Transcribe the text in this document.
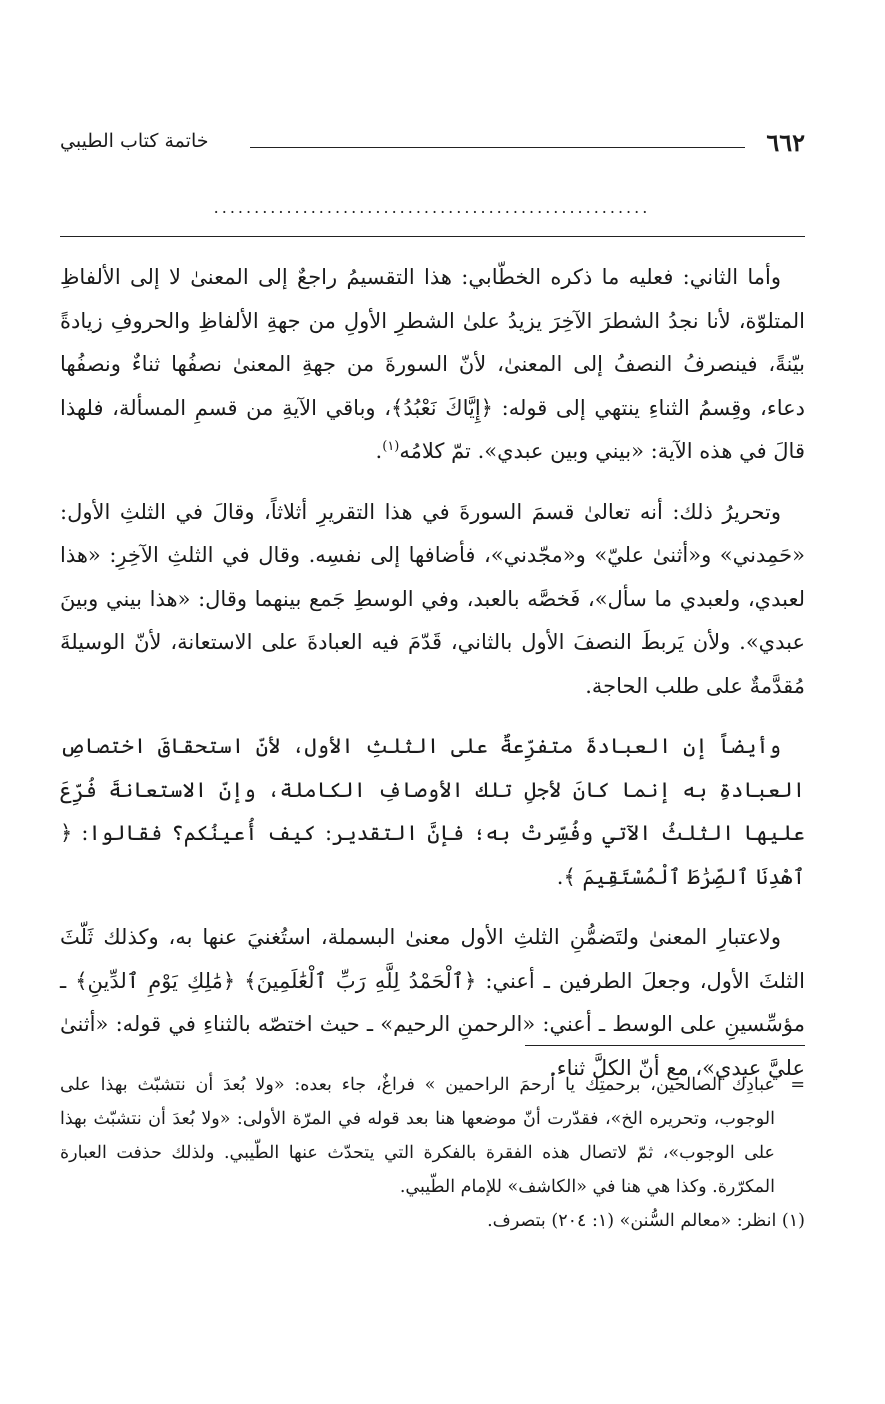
٦٦٢
خاتمة كتاب الطيبي
......................................................

وأما الثاني: فعليه ما ذكره الخطّابي: هذا التقسيمُ راجعٌ إلى المعنىٰ لا إلى الألفاظِ المتلوّة، لأنا نجدُ الشطرَ الآخِرَ يزيدُ علىٰ الشطرِ الأولِ من جهةِ الألفاظِ والحروفِ زيادةً بيّنةً، فينصرفُ النصفُ إلى المعنىٰ، لأنّ السورةَ من جهةِ المعنىٰ نصفُها ثناءٌ ونصفُها دعاء، وقِسمُ الثناءِ ينتهي إلى قوله: ﴿إِيَّاكَ نَعْبُدُ﴾، وباقي الآيةِ من قسمِ المسألة، فلهذا قالَ في هذه الآية: «بيني وبين عبدي». تمّ كلامُه$^{(١)}$.

وتحريرُ ذلك: أنه تعالىٰ قسمَ السورةَ في هذا التقريرِ أثلاثاً، وقالَ في الثلثِ الأول: «حَمِدني» و«أثنىٰ عليّ» و«مجّدني»، فأضافها إلى نفسِه. وقال في الثلثِ الآخِرِ: «هذا لعبدي، ولعبدي ما سأل»، فَخصَّه بالعبد، وفي الوسطِ جَمع بينهما وقال: «هذا بيني وبينَ عبدي». ولأن يَربطَ النصفَ الأول بالثاني، قَدّمَ فيه العبادةَ على الاستعانة، لأنّ الوسيلةَ مُقدَّمةٌ على طلب الحاجة.

وأيضاً إن العبادةَ متفرِّعةٌ على الثلثِ الأول، لأنّ استحقاقَ اختصاصِ العبادةِ به إنما كانَ لأجلِ تلك الأوصافِ الكاملة، وإنّ الاستعانةَ فُرِّعَ عليها الثلثُ الآتي وفُسِّرتْ به؛ فإنَّ التقدير: كيف أُعينُكم؟ فقالوا: ﴿ ٱهْدِنَا ٱلصِّرَٰطَ ٱلْمُسْتَقِيمَ ﴾.

ولاعتبارِ المعنىٰ ولتَضمُّنِ الثلثِ الأول معنىٰ البسملة، استُغنيَ عنها به، وكذلك ثَلّثَ الثلثَ الأول، وجعلَ الطرفين ـ أعني: ﴿ٱلْحَمْدُ لِلَّهِ رَبِّ ٱلْعَٰلَمِينَ﴾ ﴿مَٰلِكِ يَوْمِ ٱلدِّينِ﴾ ـ مؤسِّسينِ على الوسط ـ أعني: «الرحمنِ الرحيم» ـ حيث اختصّه بالثناءِ في قوله: «أثنىٰ عليَّ عبدي»، مع أنّ الكلَّ ثناء.

=
عبادِك الصالحين، برحمتِك يا أرحمَ الراحمين » فراغٌ، جاء بعده: «ولا بُعدَ أن نتشبّث بهذا على الوجوب، وتحريره الخ»، فقدّرت أنّ موضعها هنا بعد قوله في المرّة الأولى: «ولا بُعدَ أن نتشبّث بهذا على الوجوب»، ثمّ لاتصال هذه الفقرة بالفكرة التي يتحدّث عنها الطّيبي. ولذلك حذفت العبارة المكرّرة. وكذا هي هنا في «الكاشف» للإمام الطّيبي.

(١) انظر: «معالم السُّنن» (١: ٢٠٤) بتصرف.
